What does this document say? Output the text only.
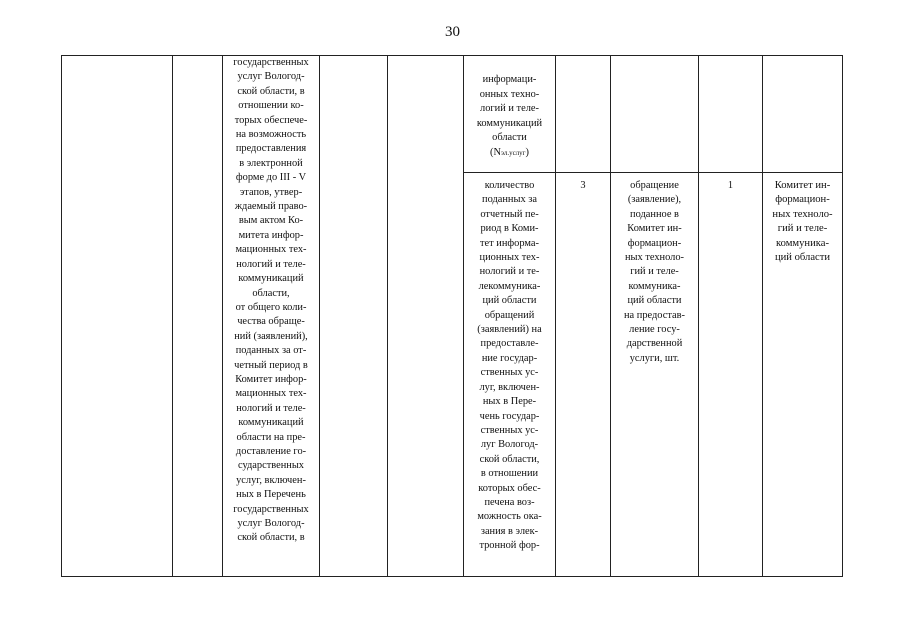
30
государственных
услуг Вологод-
ской области, в
отношении ко-
торых обеспече-
на возможность
предоставления
в электронной
форме до III - V
этапов, утвер-
ждаемый право-
вым актом Ко-
митета инфор-
мационных тех-
нологий и теле-
коммуникаций
области,
от общего коли-
чества обраще-
ний (заявлений),
поданных за от-
четный период в
Комитет инфор-
мационных тех-
нологий и теле-
коммуникаций
области на пре-
доставление го-
сударственных
услуг, включен-
ных в Перечень
государственных
услуг Вологод-
ской области, в

информаци-
онных техно-
логий и теле-
коммуникаций
области

(Nэл.услуг)

количество
поданных за
отчетный пе-
риод в Коми-
тет информа-
ционных тех-
нологий и те-
лекоммуника-
ций области
обращений
(заявлений) на
предоставле-
ние государ-
ственных ус-
луг, включен-
ных в Пере-
чень государ-
ственных ус-
луг Вологод-
ской области,
в отношении
которых обес-
печена воз-
можность ока-
зания в элек-
тронной фор-
3	обращение
(заявление),
поданное в
Комитет ин-
формацион-
ных техноло-
гий и теле-
коммуника-
ций области
на предостав-
ление госу-
дарственной
услуги, шт.
1	Комитет ин-
формацион-
ных техноло-
гий и теле-
коммуника-
ций области
